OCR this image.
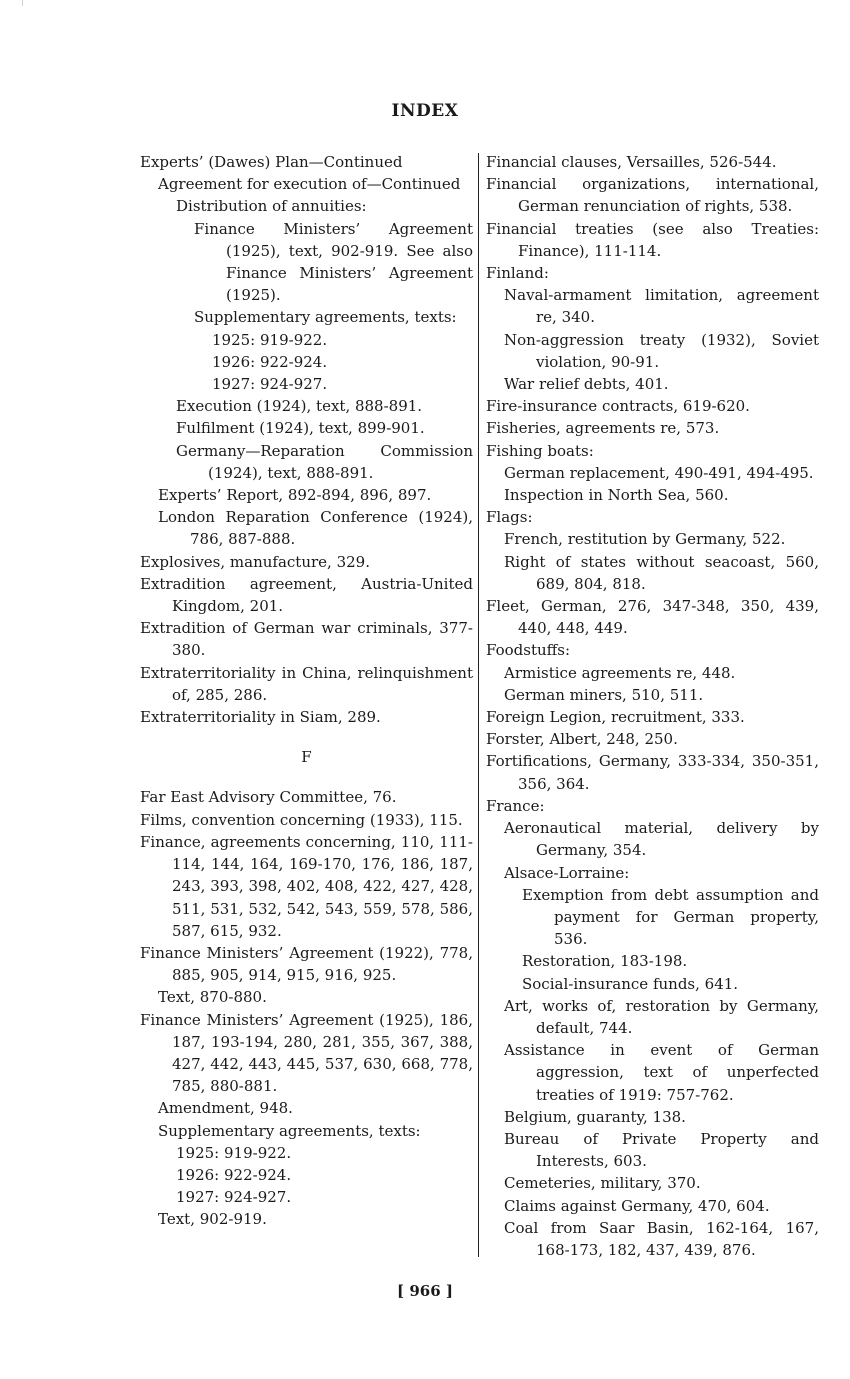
INDEX
Experts’ (Dawes) Plan—Continued
Agreement for execution of—Continued
Distribution of annuities:
Finance Ministers’ Agreement (1925), text, 902-919. See also Finance Ministers’ Agreement (1925).
Supplementary agreements, texts:
1925: 919-922.
1926: 922-924.
1927: 924-927.
Execution (1924), text, 888-891.
Fulfilment (1924), text, 899-901.
Germany—Reparation Commission (1924), text, 888-891.
Experts’ Report, 892-894, 896, 897.
London Reparation Conference (1924), 786, 887-888.
Explosives, manufacture, 329.
Extradition agreement, Austria-United Kingdom, 201.
Extradition of German war criminals, 377-380.
Extraterritoriality in China, relinquishment of, 285, 286.
Extraterritoriality in Siam, 289.
F
Far East Advisory Committee, 76.
Films, convention concerning (1933), 115.
Finance, agreements concerning, 110, 111-114, 144, 164, 169-170, 176, 186, 187, 243, 393, 398, 402, 408, 422, 427, 428, 511, 531, 532, 542, 543, 559, 578, 586, 587, 615, 932.
Finance Ministers’ Agreement (1922), 778, 885, 905, 914, 915, 916, 925.
Text, 870-880.
Finance Ministers’ Agreement (1925), 186, 187, 193-194, 280, 281, 355, 367, 388, 427, 442, 443, 445, 537, 630, 668, 778, 785, 880-881.
Amendment, 948.
Supplementary agreements, texts:
1925: 919-922.
1926: 922-924.
1927: 924-927.
Text, 902-919.
Financial clauses, Versailles, 526-544.
Financial organizations, international, German renunciation of rights, 538.
Financial treaties (see also Treaties: Finance), 111-114.
Finland:
Naval-armament limitation, agreement re, 340.
Non-aggression treaty (1932), Soviet violation, 90-91.
War relief debts, 401.
Fire-insurance contracts, 619-620.
Fisheries, agreements re, 573.
Fishing boats:
German replacement, 490-491, 494-495.
Inspection in North Sea, 560.
Flags:
French, restitution by Germany, 522.
Right of states without seacoast, 560, 689, 804, 818.
Fleet, German, 276, 347-348, 350, 439, 440, 448, 449.
Foodstuffs:
Armistice agreements re, 448.
German miners, 510, 511.
Foreign Legion, recruitment, 333.
Forster, Albert, 248, 250.
Fortifications, Germany, 333-334, 350-351, 356, 364.
France:
Aeronautical material, delivery by Germany, 354.
Alsace-Lorraine:
Exemption from debt assumption and payment for German property, 536.
Restoration, 183-198.
Social-insurance funds, 641.
Art, works of, restoration by Germany, default, 744.
Assistance in event of German aggression, text of unperfected treaties of 1919: 757-762.
Belgium, guaranty, 138.
Bureau of Private Property and Interests, 603.
Cemeteries, military, 370.
Claims against Germany, 470, 604.
Coal from Saar Basin, 162-164, 167, 168-173, 182, 437, 439, 876.
[ 966 ]
